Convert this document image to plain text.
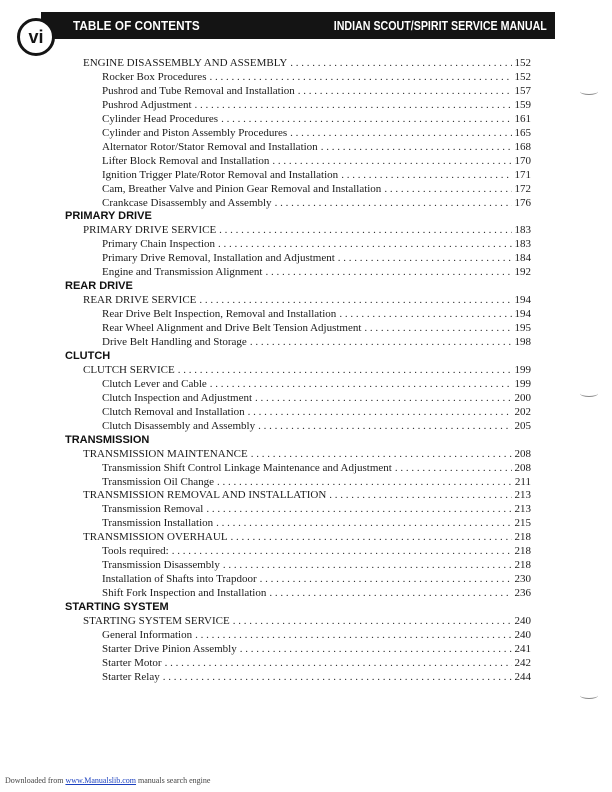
TABLE OF CONTENTS	INDIAN SCOUT/SPIRIT SERVICE MANUAL
vi
ENGINE DISASSEMBLY AND ASSEMBLY . . .	152
Rocker Box Procedures . . .	152
Pushrod and Tube Removal and Installation . . .	157
Pushrod Adjustment . . .	159
Cylinder Head Procedures . . .	161
Cylinder and Piston Assembly Procedures . . .	165
Alternator Rotor/Stator Removal and Installation . . .	168
Lifter Block Removal and Installation . . .	170
Ignition Trigger Plate/Rotor Removal and Installation . . .	171
Cam, Breather Valve and Pinion Gear Removal and Installation . . .	172
Crankcase Disassembly and Assembly . . .	176
PRIMARY DRIVE
PRIMARY DRIVE SERVICE . . .	183
Primary Chain Inspection . . .	183
Primary Drive Removal, Installation and Adjustment . . .	184
Engine and Transmission Alignment . . .	192
REAR DRIVE
REAR DRIVE SERVICE . . .	194
Rear Drive Belt Inspection, Removal and Installation . . .	194
Rear Wheel Alignment and Drive Belt Tension Adjustment . . .	195
Drive Belt Handling and Storage . . .	198
CLUTCH
CLUTCH SERVICE . . .	199
Clutch Lever and Cable . . .	199
Clutch Inspection and Adjustment . . .	200
Clutch Removal and Installation . . .	202
Clutch Disassembly and Assembly . . .	205
TRANSMISSION
TRANSMISSION MAINTENANCE . . .	208
Transmission Shift Control Linkage Maintenance and Adjustment . . .	208
Transmission Oil Change . . .	211
TRANSMISSION REMOVAL AND INSTALLATION . . .	213
Transmission Removal . . .	213
Transmission Installation . . .	215
TRANSMISSION OVERHAUL . . .	218
Tools required: . . .	218
Transmission Disassembly . . .	218
Installation of Shafts into Trapdoor . . .	230
Shift Fork Inspection and Installation . . .	236
STARTING SYSTEM
STARTING SYSTEM SERVICE . . .	240
General Information . . .	240
Starter Drive Pinion Assembly . . .	241
Starter Motor . . .	242
Starter Relay . . .	244
Downloaded from www.Manualslib.com manuals search engine
